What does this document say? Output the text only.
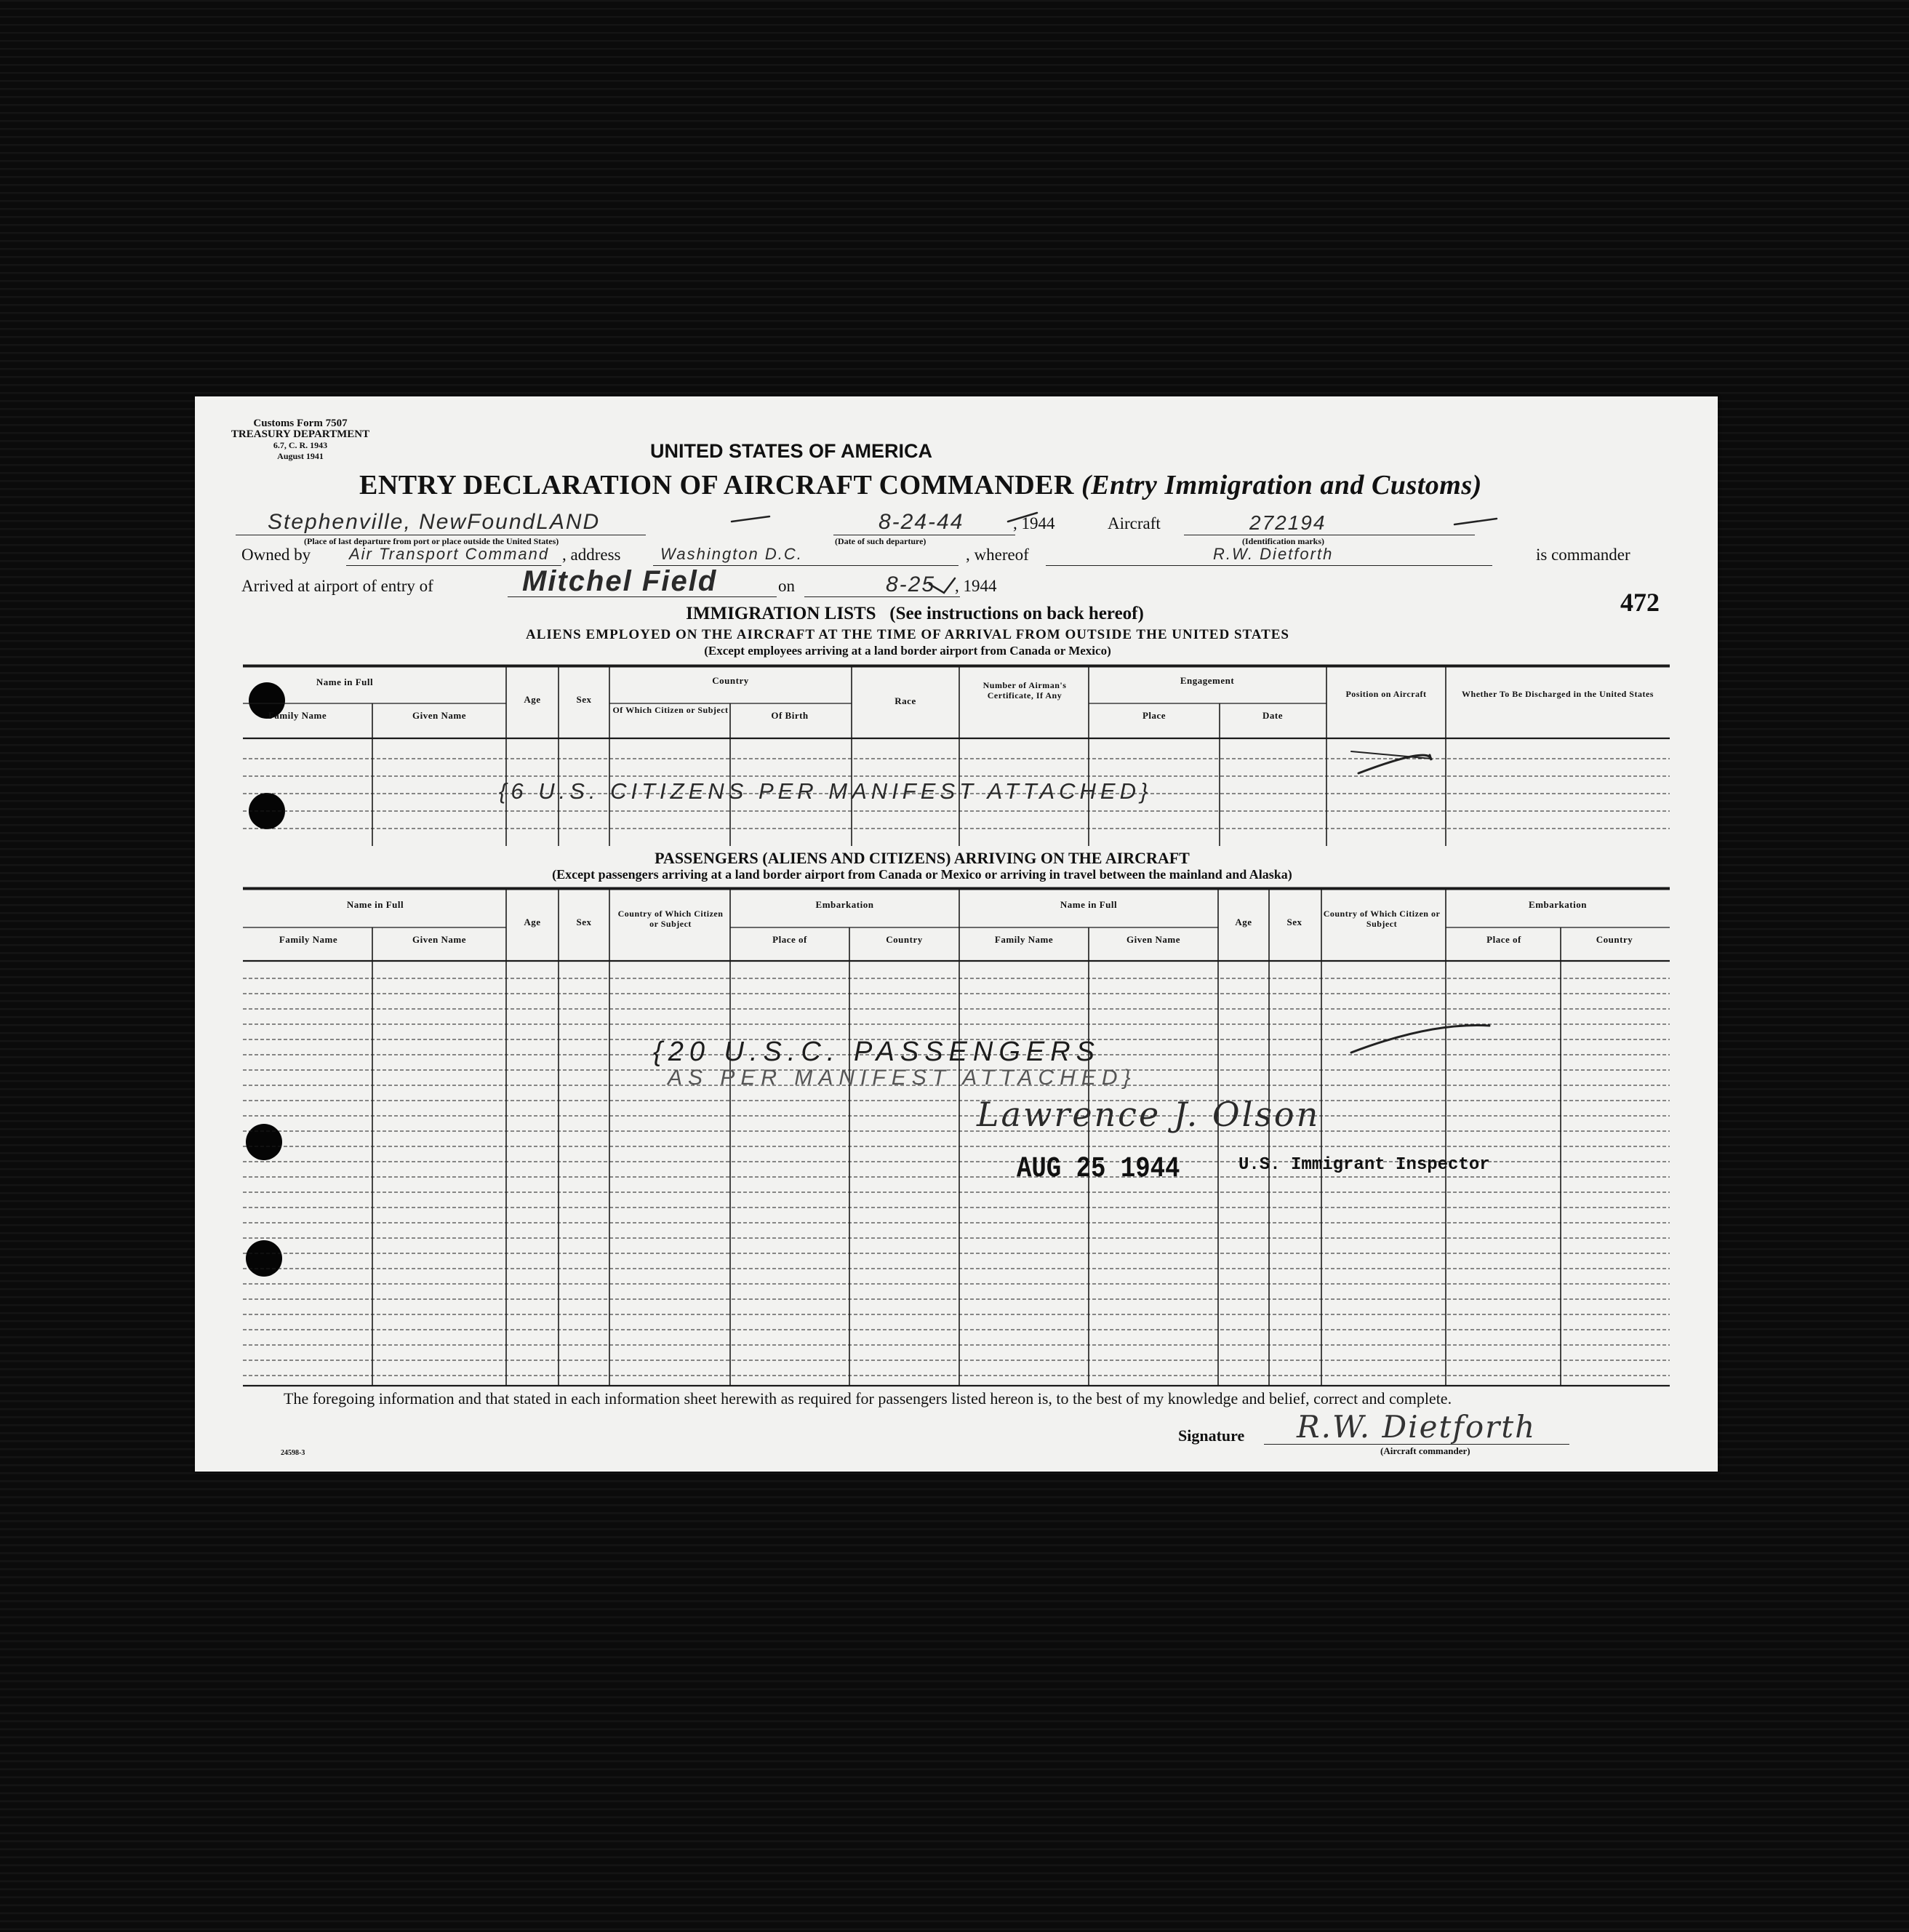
Customs Form 7507
TREASURY DEPARTMENT
6.7, C. R. 1943
August 1941	UNITED STATES OF AMERICA
ENTRY DECLARATION OF AIRCRAFT COMMANDER (Entry Immigration and Customs)
Stephenville, NewFoundLAND
(Place of last departure from port or place outside the United States)
8-24-44
(Date of such departure)
, 1944	Aircraft	272194
(Identification marks)
Owned by Air Transport Command , address Washington D.C.	, whereof	R.W. Dietforth	is commander
Arrived at airport of entry of	Mitchel Field	on	8-25 , 1944
472
IMMIGRATION LISTS (See instructions on back hereof)
ALIENS EMPLOYED ON THE AIRCRAFT AT THE TIME OF ARRIVAL FROM OUTSIDE THE UNITED STATES
(Except employees arriving at a land border airport from Canada or Mexico)
Name in Full
Family Name	Given Name
Age	Sex
Country
Of Which Citizen or Subject	Of Birth
Race
Number of Airman's Certificate, If Any
Engagement
Place	Date
Position on Aircraft	Whether To Be Discharged in the United States
{6 U.S. CITIZENS PER MANIFEST ATTACHED}
PASSENGERS (ALIENS AND CITIZENS) ARRIVING ON THE AIRCRAFT
(Except passengers arriving at a land border airport from Canada or Mexico or arriving in travel between the mainland and Alaska)
Name in Full
Family Name	Given Name
Age	Sex
Country of Which Citizen or Subject
Embarkation
Place of	Country
Name in Full
Family Name	Given Name
Age	Sex
Country of Which Citizen or Subject
Embarkation
Place of	Country
{20 U.S.C. PASSENGERS
AS PER MANIFEST ATTACHED}
Lawrence J. Olson
AUG 25 1944	U.S. Immigrant Inspector
The foregoing information and that stated in each information sheet herewith as required for passengers listed hereon is, to the best of my knowledge and belief, correct and complete.
Signature R.W. Dietforth
(Aircraft commander)
24598-3
